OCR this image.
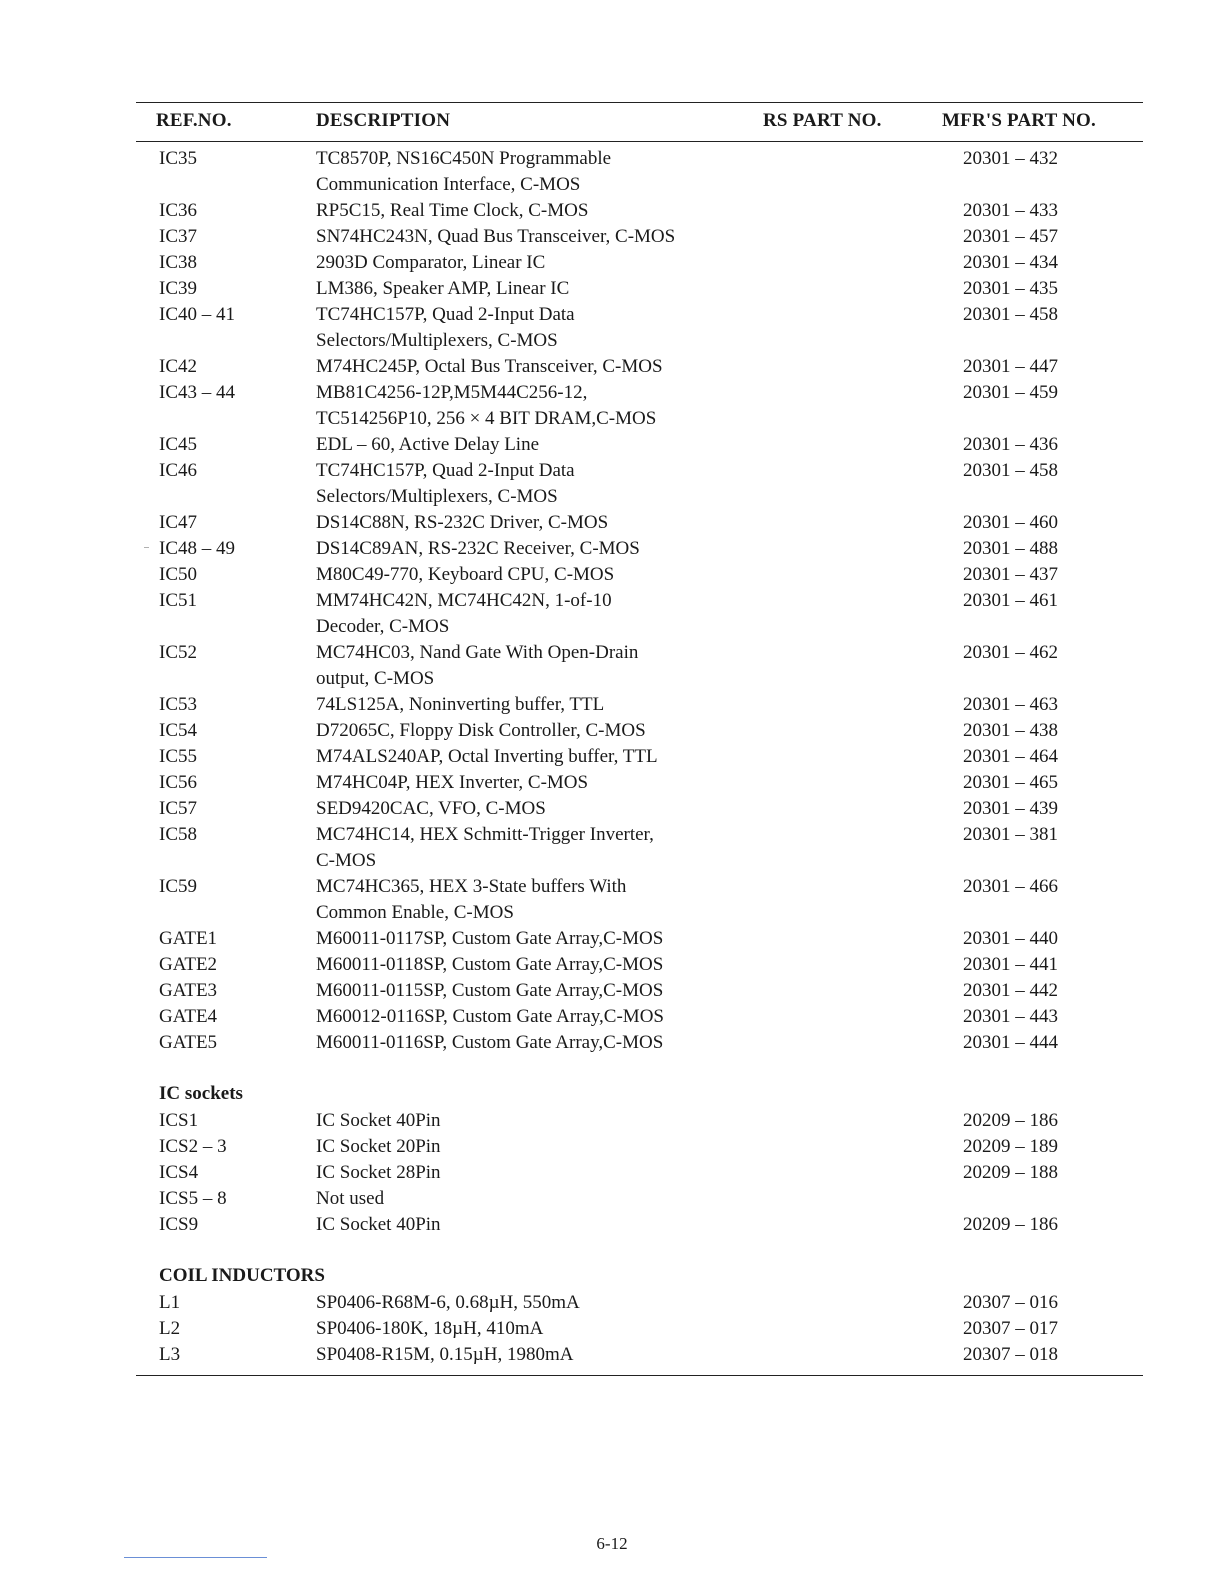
REF.NO.	DESCRIPTION	RS PART NO.	MFR'S PART NO.
IC35	TC8570P, NS16C450N Programmable	20301 – 432
Communication Interface, C-MOS
IC36	RP5C15, Real Time Clock, C-MOS	20301 – 433
IC37	SN74HC243N, Quad Bus Transceiver, C-MOS	20301 – 457
IC38	2903D Comparator, Linear IC	20301 – 434
IC39	LM386, Speaker AMP, Linear IC	20301 – 435
IC40 – 41	TC74HC157P, Quad 2-Input Data	20301 – 458
Selectors/Multiplexers, C-MOS
IC42	M74HC245P, Octal Bus Transceiver, C-MOS	20301 – 447
IC43 – 44	MB81C4256-12P,M5M44C256-12,	20301 – 459
TC514256P10, 256 × 4 BIT DRAM,C-MOS
IC45	EDL – 60, Active Delay Line	20301 – 436
IC46	TC74HC157P, Quad 2-Input Data	20301 – 458
Selectors/Multiplexers, C-MOS
IC47	DS14C88N, RS-232C Driver, C-MOS	20301 – 460
IC48 – 49	DS14C89AN, RS-232C Receiver, C-MOS	20301 – 488
IC50	M80C49-770, Keyboard CPU, C-MOS	20301 – 437
IC51	MM74HC42N, MC74HC42N, 1-of-10	20301 – 461
Decoder, C-MOS
IC52	MC74HC03, Nand Gate With Open-Drain	20301 – 462
output, C-MOS
IC53	74LS125A, Noninverting buffer, TTL	20301 – 463
IC54	D72065C, Floppy Disk Controller, C-MOS	20301 – 438
IC55	M74ALS240AP, Octal Inverting buffer, TTL	20301 – 464
IC56	M74HC04P, HEX Inverter, C-MOS	20301 – 465
IC57	SED9420CAC, VFO, C-MOS	20301 – 439
IC58	MC74HC14, HEX Schmitt-Trigger Inverter,	20301 – 381
C-MOS
IC59	MC74HC365, HEX 3-State buffers With	20301 – 466
Common Enable, C-MOS
GATE1	M60011-0117SP, Custom Gate Array,C-MOS	20301 – 440
GATE2	M60011-0118SP, Custom Gate Array,C-MOS	20301 – 441
GATE3	M60011-0115SP, Custom Gate Array,C-MOS	20301 – 442
GATE4	M60012-0116SP, Custom Gate Array,C-MOS	20301 – 443
GATE5	M60011-0116SP, Custom Gate Array,C-MOS	20301 – 444
IC sockets
ICS1	IC Socket 40Pin	20209 – 186
ICS2 – 3	IC Socket 20Pin	20209 – 189
ICS4	IC Socket 28Pin	20209 – 188
ICS5 – 8	Not used
ICS9	IC Socket 40Pin	20209 – 186
COIL INDUCTORS
L1	SP0406-R68M-6, 0.68µH, 550mA	20307 – 016
L2	SP0406-180K, 18µH, 410mA	20307 – 017
L3	SP0408-R15M, 0.15µH, 1980mA	20307 – 018
6-12
